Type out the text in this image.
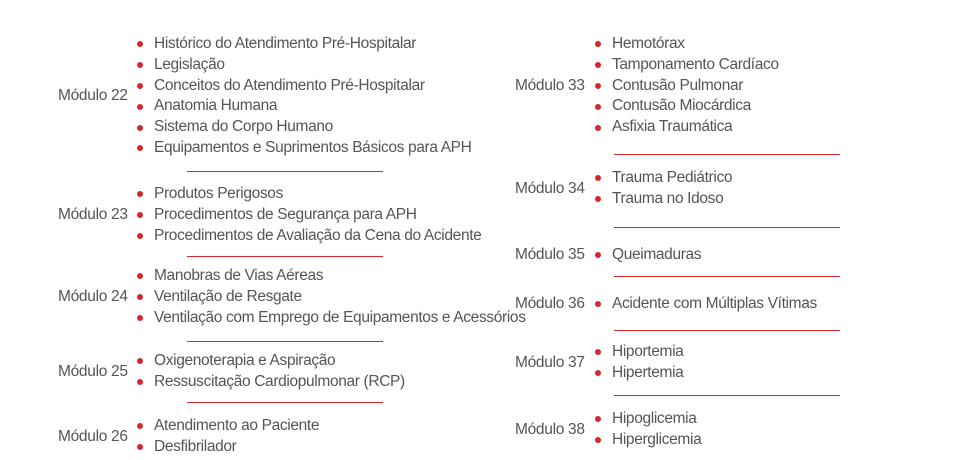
Módulo 22
Histórico do Atendimento Pré-Hospitalar
Legislação
Conceitos do Atendimento Pré-Hospitalar
Anatomia Humana
Sistema do Corpo Humano
Equipamentos e Suprimentos Básicos para APH
Módulo 23
Produtos Perigosos
Procedimentos de Segurança para APH
Procedimentos de Avaliação da Cena do Acidente
Módulo 24
Manobras de Vias Aéreas
Ventilação de Resgate
Ventilação com Emprego de Equipamentos e Acessórios
Módulo 25
Oxigenoterapia e Aspiração
Ressuscitação Cardiopulmonar (RCP)
Módulo 26
Atendimento ao Paciente
Desfibrilador
Módulo 33
Hemotórax
Tamponamento Cardíaco
Contusão Pulmonar
Contusão Miocárdica
Asfixia Traumática
Módulo 34
Trauma Pediátrico
Trauma no Idoso
Módulo 35	Queimaduras
Módulo 36	Acidente com Múltiplas Vítimas
Módulo 37
Hiportemia
Hipertemia
Módulo 38
Hipoglicemia
Hiperglicemia
